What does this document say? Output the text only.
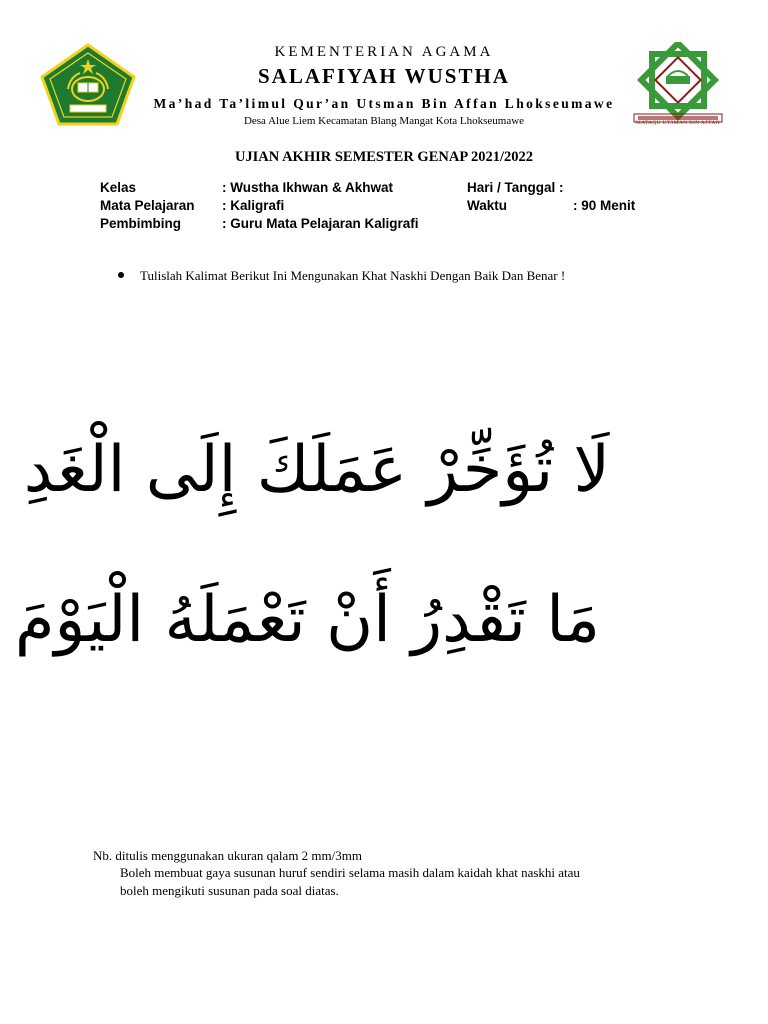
MATAQU UTSMAN BIN AFFAN
KEMENTERIAN AGAMA
SALAFIYAH WUSTHA
Ma’had Ta’limul Qur’an Utsman Bin Affan Lhokseumawe
Desa Alue Liem Kecamatan Blang Mangat Kota Lhokseumawe
UJIAN AKHIR SEMESTER GENAP 2021/2022
Kelas	: Wustha Ikhwan & Akhwat	Hari / Tanggal :
Mata Pelajaran : Kaligrafi	Waktu	: 90 Menit
Pembimbing	: Guru Mata Pelajaran Kaligrafi
Tulislah Kalimat Berikut Ini Mengunakan Khat Naskhi Dengan Baik Dan Benar !
لَا تُؤَخِّرْ عَمَلَكَ إِلَى الْغَدِ
مَا تَقْدِرُ أَنْ تَعْمَلَهُ الْيَوْمَ
Nb. ditulis menggunakan ukuran qalam 2 mm/3mm
Boleh membuat gaya susunan huruf sendiri selama masih dalam kaidah khat naskhi atau
boleh mengikuti susunan pada soal diatas.
